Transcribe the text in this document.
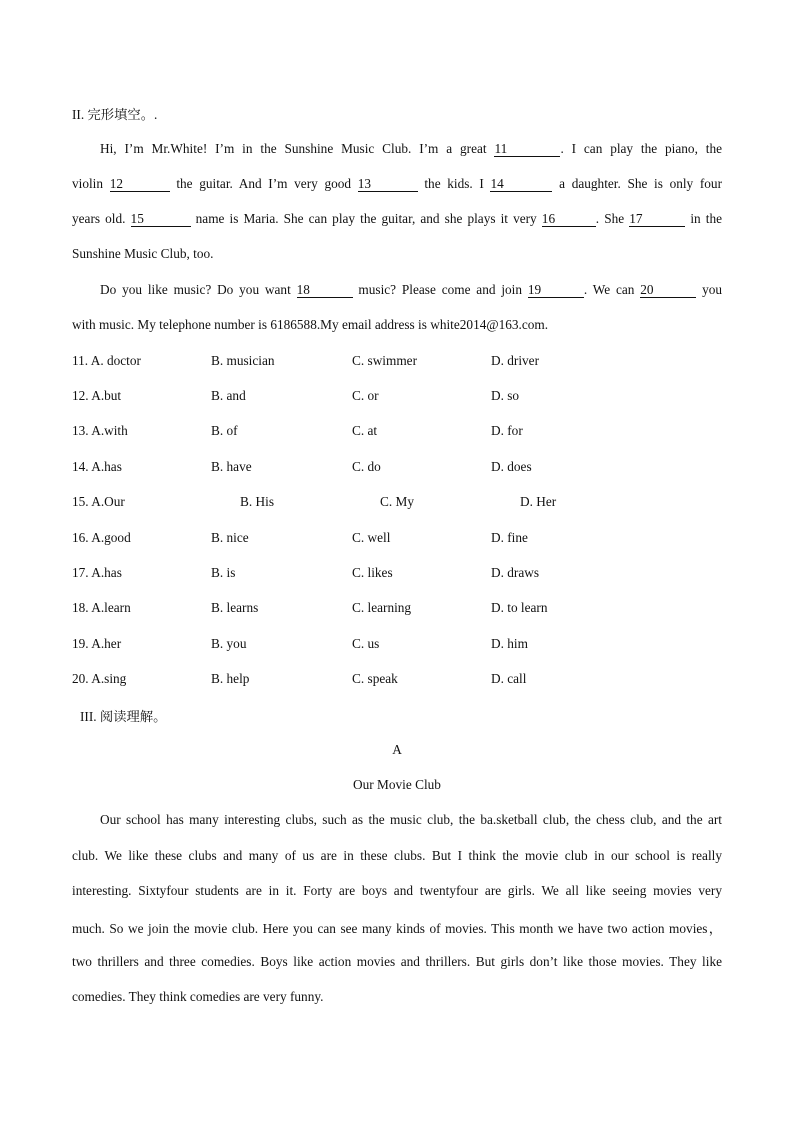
II. 完形填空。.
Hi, I’m Mr.White! I’m in the Sunshine Music Club. I’m a great 11	. I can play the piano, the
violin 12	the guitar. And I’m very good 13	the kids. I 14	a daughter. She is only four
years old. 15	name is Maria. She can play the guitar, and she plays it very 16	. She 17	in the
Sunshine Music Club, too.
Do you like music? Do you want 18	music? Please come and join 19	. We can 20	you
with music. My telephone number is 6186588.My email address is white2014@163.com.
11. A. doctor	B. musician	C. swimmer	D. driver
12. A.but	B. and	C. or	D. so
13. A.with	B. of	C. at	D. for
14. A.has	B. have	C. do	D. does
15. A.Our	B. His	C. My	D. Her
16. A.good	B. nice	C. well	D. fine
17. A.has	B. is	C. likes	D. draws
18. A.learn	B. learns	C. learning	D. to learn
19. A.her	B. you	C. us	D. him
20. A.sing	B. help	C. speak	D. call
III. 阅读理解。
A
Our Movie Club
Our school has many interesting clubs, such as the music club, the ba.sketball club, the chess club, and the art
club. We like these clubs and many of us are in these clubs. But I think the movie club in our school is really
interesting. Sixtyfour students are in it. Forty are boys and twentyfour are girls. We all like seeing movies very
much. So we join the movie club. Here you can see many kinds of movies. This month we have two action movies，
two thrillers and three comedies. Boys like action movies and thrillers. But girls don’t like those movies. They like
comedies. They think comedies are very funny.
